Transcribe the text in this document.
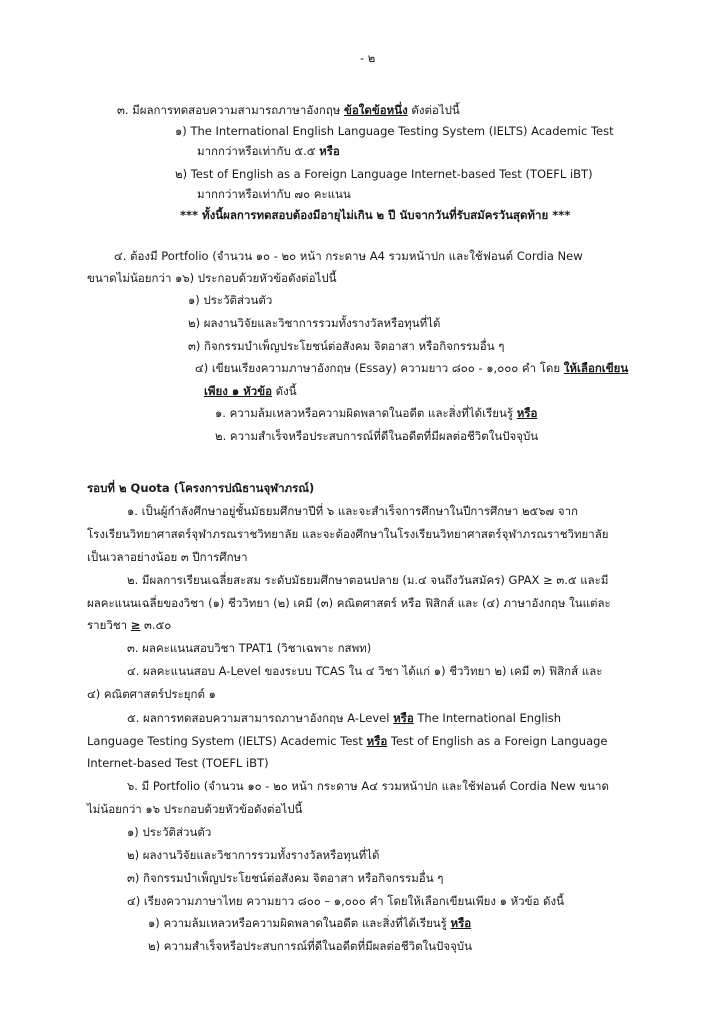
- ๒
๓. มีผลการทดสอบความสามารถภาษาอังกฤษ ข้อใดข้อหนึ่ง ดังต่อไปนี้
๑) The International English Language Testing System (IELTS) Academic Test
มากกว่าหรือเท่ากับ ๕.๕ หรือ
๒) Test of English as a Foreign Language Internet-based Test (TOEFL iBT)
มากกว่าหรือเท่ากับ ๗๐ คะแนน
*** ทั้งนี้ผลการทดสอบต้องมีอายุไม่เกิน ๒ ปี นับจากวันที่รับสมัครวันสุดท้าย ***
๔. ต้องมี Portfolio (จำนวน ๑๐ - ๒๐ หน้า กระดาษ A4 รวมหน้าปก และใช้ฟอนต์ Cordia New
ขนาดไม่น้อยกว่า ๑๖) ประกอบด้วยหัวข้อดังต่อไปนี้
๑) ประวัติส่วนตัว
๒) ผลงานวิจัยและวิชาการรวมทั้งรางวัลหรือทุนที่ได้
๓) กิจกรรมบำเพ็ญประโยชน์ต่อสังคม จิตอาสา หรือกิจกรรมอื่น ๆ
๔) เขียนเรียงความภาษาอังกฤษ (Essay) ความยาว ๘๐๐ - ๑,๐๐๐ คำ โดย ให้เลือกเขียน
เพียง ๑ หัวข้อ ดังนี้
๑. ความล้มเหลวหรือความผิดพลาดในอดีต และสิ่งที่ได้เรียนรู้ หรือ
๒. ความสำเร็จหรือประสบการณ์ที่ดีในอดีตที่มีผลต่อชีวิตในปัจจุบัน
รอบที่ ๒ Quota (โครงการปณิธานจุฬาภรณ์)
๑. เป็นผู้กำลังศึกษาอยู่ชั้นมัธยมศึกษาปีที่ ๖ และจะสำเร็จการศึกษาในปีการศึกษา ๒๕๖๗ จาก
โรงเรียนวิทยาศาสตร์จุฬาภรณราชวิทยาลัย และจะต้องศึกษาในโรงเรียนวิทยาศาสตร์จุฬาภรณราชวิทยาลัย
เป็นเวลาอย่างน้อย ๓ ปีการศึกษา
๒. มีผลการเรียนเฉลี่ยสะสม ระดับมัธยมศึกษาตอนปลาย (ม.๔ จนถึงวันสมัคร) GPAX ≥ ๓.๕ และมี
ผลคะแนนเฉลี่ยของวิชา (๑) ชีววิทยา (๒) เคมี (๓) คณิตศาสตร์ หรือ ฟิสิกส์ และ (๔) ภาษาอังกฤษ ในแต่ละ
รายวิชา ≥ ๓.๕๐
๓. ผลคะแนนสอบวิชา TPAT1 (วิชาเฉพาะ กสพท)
๔. ผลคะแนนสอบ A-Level ของระบบ TCAS ใน ๔ วิชา ได้แก่ ๑) ชีววิทยา ๒) เคมี ๓) ฟิสิกส์ และ
๔) คณิตศาสตร์ประยุกต์ ๑
๕. ผลการทดสอบความสามารถภาษาอังกฤษ A-Level หรือ The International English
Language Testing System (IELTS) Academic Test หรือ Test of English as a Foreign Language
Internet-based Test (TOEFL iBT)
๖. มี Portfolio (จำนวน ๑๐ - ๒๐ หน้า กระดาษ A๔ รวมหน้าปก และใช้ฟอนต์ Cordia New ขนาด
ไม่น้อยกว่า ๑๖ ประกอบด้วยหัวข้อดังต่อไปนี้
๑) ประวัติส่วนตัว
๒) ผลงานวิจัยและวิชาการรวมทั้งรางวัลหรือทุนที่ได้
๓) กิจกรรมบำเพ็ญประโยชน์ต่อสังคม จิตอาสา หรือกิจกรรมอื่น ๆ
๔) เรียงความภาษาไทย ความยาว ๘๐๐ – ๑,๐๐๐ คำ โดยให้เลือกเขียนเพียง ๑ หัวข้อ ดังนี้
๑) ความล้มเหลวหรือความผิดพลาดในอดีต และสิ่งที่ได้เรียนรู้ หรือ
๒) ความสำเร็จหรือประสบการณ์ที่ดีในอดีตที่มีผลต่อชีวิตในปัจจุบัน
